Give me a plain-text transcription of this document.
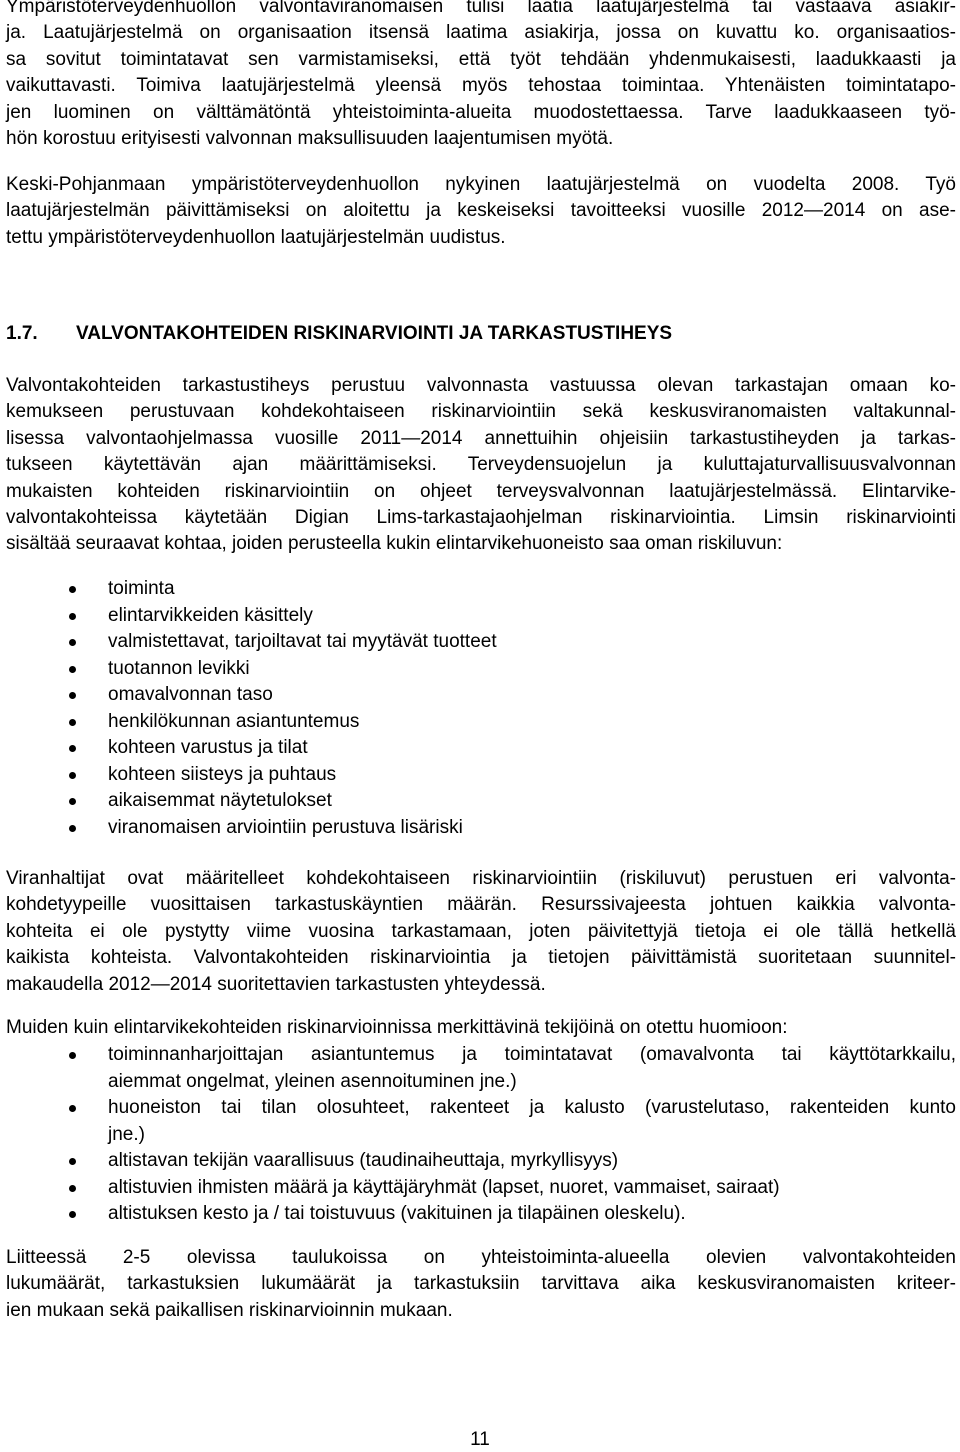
Ympäristöterveydenhuollon valvontaviranomaisen tulisi laatia laatujärjestelmä tai vastaava asiakir-
ja. Laatujärjestelmä on organisaation itsensä laatima asiakirja, jossa on kuvattu ko. organisaatios-
sa sovitut toimintatavat sen varmistamiseksi, että työt tehdään yhdenmukaisesti, laadukkaasti ja
vaikuttavasti. Toimiva laatujärjestelmä yleensä myös tehostaa toimintaa. Yhtenäisten toimintatapo-
jen luominen on välttämätöntä yhteistoiminta-alueita muodostettaessa. Tarve laadukkaaseen työ-
hön korostuu erityisesti valvonnan maksullisuuden laajentumisen myötä.
Keski-Pohjanmaan ympäristöterveydenhuollon nykyinen laatujärjestelmä on vuodelta 2008. Työ
laatujärjestelmän päivittämiseksi on aloitettu ja keskeiseksi tavoitteeksi vuosille 2012—2014 on ase-
tettu ympäristöterveydenhuollon laatujärjestelmän uudistus.
1.7. VALVONTAKOHTEIDEN RISKINARVIOINTI JA TARKASTUSTIHEYS
Valvontakohteiden tarkastustiheys perustuu valvonnasta vastuussa olevan tarkastajan omaan ko-
kemukseen perustuvaan kohdekohtaiseen riskinarviointiin sekä keskusviranomaisten valtakunnal-
lisessa valvontaohjelmassa vuosille 2011—2014 annettuihin ohjeisiin tarkastustiheyden ja tarkas-
tukseen käytettävän ajan määrittämiseksi. Terveydensuojelun ja kuluttajaturvallisuusvalvonnan
mukaisten kohteiden riskinarviointiin on ohjeet terveysvalvonnan laatujärjestelmässä. Elintarvike-
valvontakohteissa käytetään Digian Lims-tarkastajaohjelman riskinarviointia. Limsin riskinarviointi
sisältää seuraavat kohtaa, joiden perusteella kukin elintarvikehuoneisto saa oman riskiluvun:
toiminta
elintarvikkeiden käsittely
valmistettavat, tarjoiltavat tai myytävät tuotteet
tuotannon levikki
omavalvonnan taso
henkilökunnan asiantuntemus
kohteen varustus ja tilat
kohteen siisteys ja puhtaus
aikaisemmat näytetulokset
viranomaisen arviointiin perustuva lisäriski
Viranhaltijat ovat määritelleet kohdekohtaiseen riskinarviointiin (riskiluvut) perustuen eri valvonta-
kohdetyypeille vuosittaisen tarkastuskäyntien määrän. Resurssivajeesta johtuen kaikkia valvonta-
kohteita ei ole pystytty viime vuosina tarkastamaan, joten päivitettyjä tietoja ei ole tällä hetkellä
kaikista kohteista. Valvontakohteiden riskinarviointia ja tietojen päivittämistä suoritetaan suunnitel-
makaudella 2012—2014 suoritettavien tarkastusten yhteydessä.
Muiden kuin elintarvikekohteiden riskinarvioinnissa merkittävinä tekijöinä on otettu huomioon:
toiminnanharjoittajan asiantuntemus ja toimintatavat (omavalvonta tai käyttötarkkailu,
aiemmat ongelmat, yleinen asennoituminen jne.)
huoneiston tai tilan olosuhteet, rakenteet ja kalusto (varustelutaso, rakenteiden kunto
jne.)
altistavan tekijän vaarallisuus (taudinaiheuttaja, myrkyllisyys)
altistuvien ihmisten määrä ja käyttäjäryhmät (lapset, nuoret, vammaiset, sairaat)
altistuksen kesto ja / tai toistuvuus (vakituinen ja tilapäinen oleskelu).
Liitteessä 2-5 olevissa taulukoissa on yhteistoiminta-alueella olevien valvontakohteiden
lukumäärät, tarkastuksien lukumäärät ja tarkastuksiin tarvittava aika keskusviranomaisten kriteer-
ien mukaan sekä paikallisen riskinarvioinnin mukaan.
11
